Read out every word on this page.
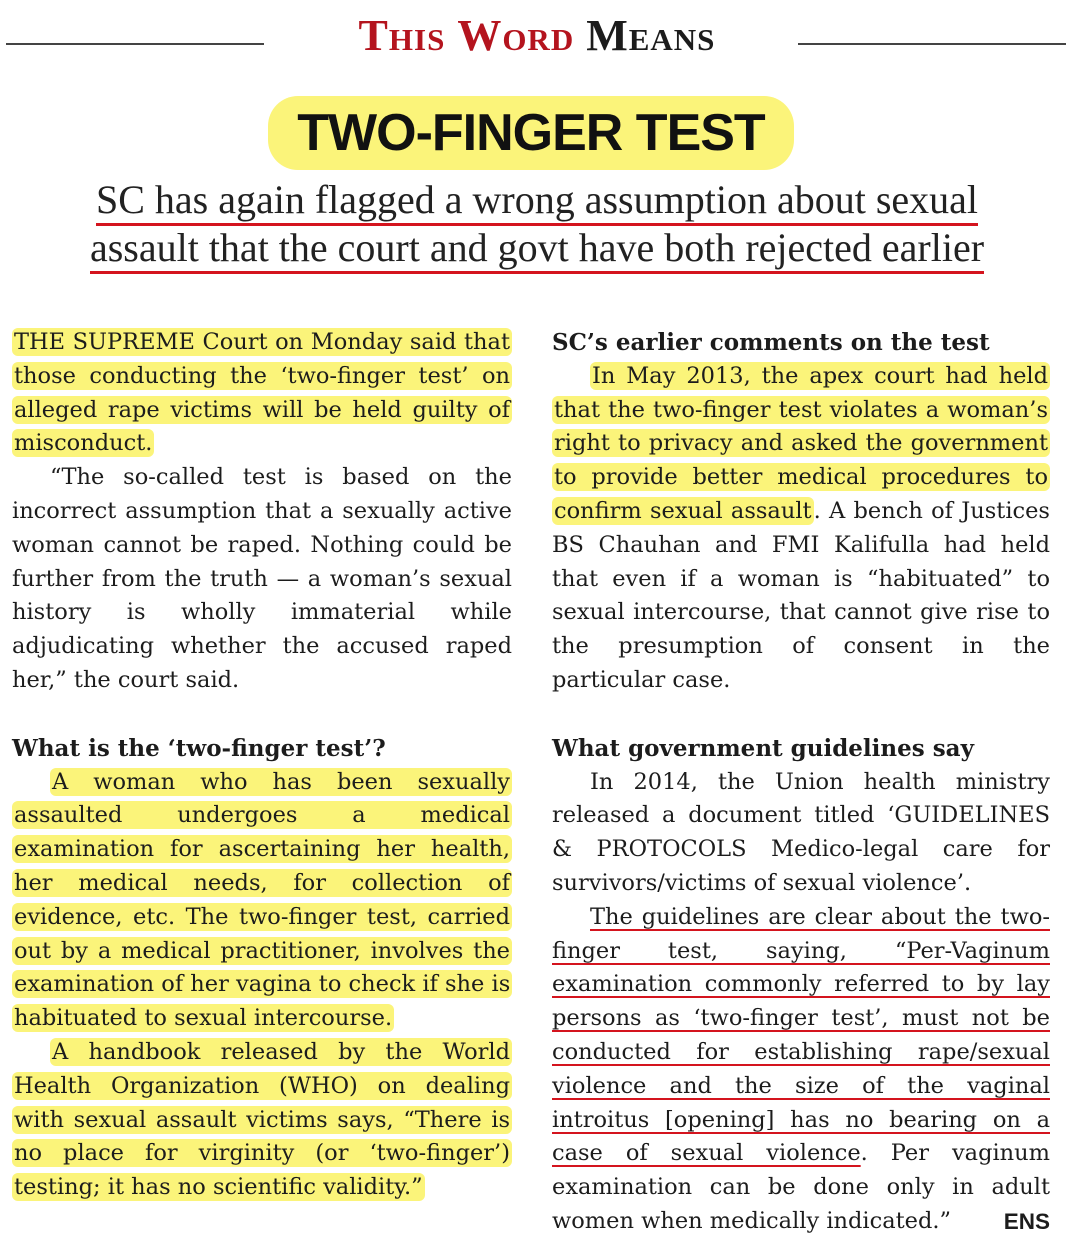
This Word Means
TWO-FINGER TEST
SC has again flagged a wrong assumption about sexual
assault that the court and govt have both rejected earlier

THE SUPREME Court on Monday said that those conducting the ‘two-finger test’ on alleged rape victims will be held guilty of misconduct.

“The so-called test is based on the incorrect assumption that a sexually active woman cannot be raped. Nothing could be further from the truth — a woman’s sexual history is wholly immaterial while adjudicating whether the accused raped her,” the court said.

What is the ‘two-finger test’?

A woman who has been sexually assaulted undergoes a medical examination for ascertaining her health, her medical needs, for collection of evidence, etc. The two-finger test, carried out by a medical practitioner, involves the examination of her vagina to check if she is habituated to sexual intercourse.

A handbook released by the World Health Organization (WHO) on dealing with sexual assault victims says, “There is no place for virginity (or ‘two-finger’) testing; it has no scientific validity.”

SC’s earlier comments on the test

In May 2013, the apex court had held that the two-finger test violates a woman’s right to privacy and asked the government to provide better medical procedures to confirm sexual assault. A bench of Justices BS Chauhan and FMI Kalifulla had held that even if a woman is “habituated” to sexual intercourse, that cannot give rise to the presumption of consent in the particular case.

What government guidelines say

In 2014, the Union health ministry released a document titled ‘GUIDELINES & PROTOCOLS Medico-legal care for survivors/victims of sexual violence’.

The guidelines are clear about the two-finger test, saying, “Per-Vaginum examination commonly referred to by lay persons as ‘two-finger test’, must not be conducted for establishing rape/sexual violence and the size of the vaginal introitus [opening] has no bearing on a case of sexual violence. Per vaginum examination can be done only in adult women when medically indicated.”	ENS
